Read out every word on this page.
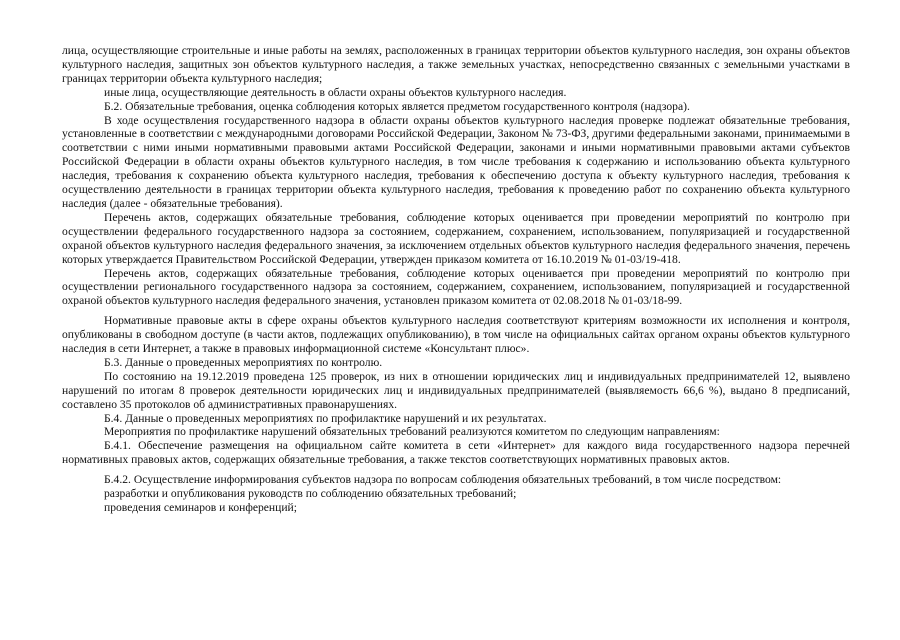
лица, осуществляющие строительные и иные работы на землях, расположенных в границах территории объектов культурного наследия, зон охраны объектов культурного наследия, защитных зон объектов культурного наследия, а также земельных участках, непосредственно связанных с земельными участками в границах территории объекта культурного наследия;

иные лица, осуществляющие деятельность в области охраны объектов культурного наследия.

Б.2. Обязательные требования, оценка соблюдения которых является предметом государственного контроля (надзора).

В ходе осуществления государственного надзора в области охраны объектов культурного наследия проверке подлежат обязательные требования, установленные в соответствии с международными договорами Российской Федерации, Законом № 73-ФЗ, другими федеральными законами, принимаемыми в соответствии с ними иными нормативными правовыми актами Российской Федерации, законами и иными нормативными правовыми актами субъектов Российской Федерации в области охраны объектов культурного наследия, в том числе требования к содержанию и использованию объекта культурного наследия, требования к сохранению объекта культурного наследия, требования к обеспечению доступа к объекту культурного наследия, требования к осуществлению деятельности в границах территории объекта культурного наследия, требования к проведению работ по сохранению объекта культурного наследия (далее - обязательные требования).

Перечень актов, содержащих обязательные требования, соблюдение которых оценивается при проведении мероприятий по контролю при осуществлении федерального государственного надзора за состоянием, содержанием, сохранением, использованием, популяризацией и государственной охраной объектов культурного наследия федерального значения, за исключением отдельных объектов культурного наследия федерального значения, перечень которых утверждается Правительством Российской Федерации, утвержден приказом комитета от 16.10.2019 № 01-03/19-418.

Перечень актов, содержащих обязательные требования, соблюдение которых оценивается при проведении мероприятий по контролю при осуществлении регионального государственного надзора за состоянием, содержанием, сохранением, использованием, популяризацией и государственной охраной объектов культурного наследия федерального значения, установлен приказом комитета от 02.08.2018 № 01-03/18-99.

Нормативные правовые акты в сфере охраны объектов культурного наследия соответствуют критериям возможности их исполнения и контроля, опубликованы в свободном доступе (в части актов, подлежащих опубликованию), в том числе на официальных сайтах органом охраны объектов культурного наследия в сети Интернет, а также в правовых информационной системе «Консультант плюс».

Б.3. Данные о проведенных мероприятиях по контролю.

По состоянию на 19.12.2019 проведена 125 проверок, из них в отношении юридических лиц и индивидуальных предпринимателей 12, выявлено нарушений по итогам 8 проверок деятельности юридических лиц и индивидуальных предпринимателей (выявляемость 66,6 %), выдано 8 предписаний, составлено 35 протоколов об административных правонарушениях.

Б.4. Данные о проведенных мероприятиях по профилактике нарушений и их результатах.

Мероприятия по профилактике нарушений обязательных требований реализуются комитетом по следующим направлениям:

Б.4.1. Обеспечение размещения на официальном сайте комитета в сети «Интернет» для каждого вида государственного надзора перечней нормативных правовых актов, содержащих обязательные требования, а также текстов соответствующих нормативных правовых актов.

Б.4.2. Осуществление информирования субъектов надзора по вопросам соблюдения обязательных требований, в том числе посредством:

разработки и опубликования руководств по соблюдению обязательных требований;

проведения семинаров и конференций;
